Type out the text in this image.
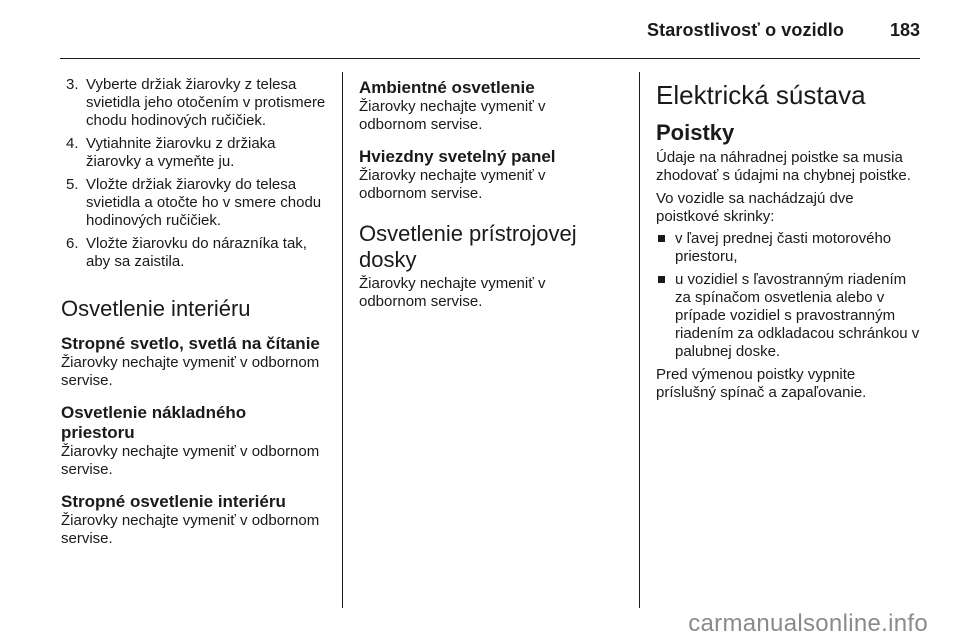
Starostlivosť o vozidlo	183
3. Vyberte držiak žiarovky z telesa svietidla jeho otočením v protismere chodu hodinových ručičiek.
4. Vytiahnite žiarovku z držiaka žiarovky a vymeňte ju.
5. Vložte držiak žiarovky do telesa svietidla a otočte ho v smere chodu hodinových ručičiek.
6. Vložte žiarovku do nárazníka tak, aby sa zaistila.
Osvetlenie interiéru
Stropné svetlo, svetlá na čítanie

Žiarovky nechajte vymeniť v odbornom servise.

Osvetlenie nákladného priestoru

Žiarovky nechajte vymeniť v odbornom servise.

Stropné osvetlenie interiéru

Žiarovky nechajte vymeniť v odbornom servise.

Ambientné osvetlenie

Žiarovky nechajte vymeniť v odbornom servise.

Hviezdny svetelný panel

Žiarovky nechajte vymeniť v odbornom servise.

Osvetlenie prístrojovej dosky

Žiarovky nechajte vymeniť v odbornom servise.

Elektrická sústava
Poistky

Údaje na náhradnej poistke sa musia zhodovať s údajmi na chybnej poistke.

Vo vozidle sa nachádzajú dve poistkové skrinky:

v ľavej prednej časti motorového priestoru,
u vozidiel s ľavostranným riadením za spínačom osvetlenia alebo v prípade vozidiel s pravostranným riadením za odkladacou schránkou v palubnej doske.

Pred výmenou poistky vypnite príslušný spínač a zapaľovanie.

carmanualsonline.info
